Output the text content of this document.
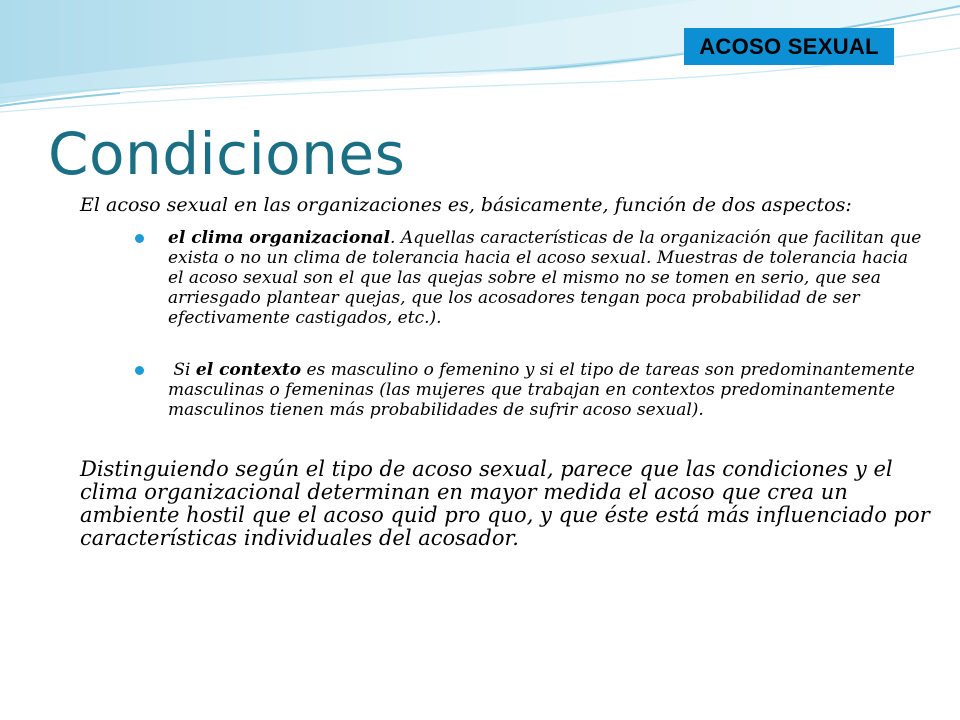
ACOSO SEXUAL
Condiciones

El acoso sexual en las organizaciones es, básicamente, función de dos aspectos:

el clima organizacional. Aquellas características de la organización que facilitan que exista o no un clima de tolerancia hacia el acoso sexual. Muestras de tolerancia hacia el acoso sexual son el que las quejas sobre el mismo no se tomen en serio, que sea arriesgado plantear quejas, que los acosadores tengan poca probabilidad de ser efectivamente castigados, etc.).
Si el contexto es masculino o femenino y si el tipo de tareas son predominantemente masculinas o femeninas (las mujeres que trabajan en contextos predominantemente masculinos tienen más probabilidades de sufrir acoso sexual).

Distinguiendo según el tipo de acoso sexual, parece que las condiciones y el clima organizacional determinan en mayor medida el acoso que crea un ambiente hostil que el acoso quid pro quo, y que éste está más influenciado por características individuales del acosador.
